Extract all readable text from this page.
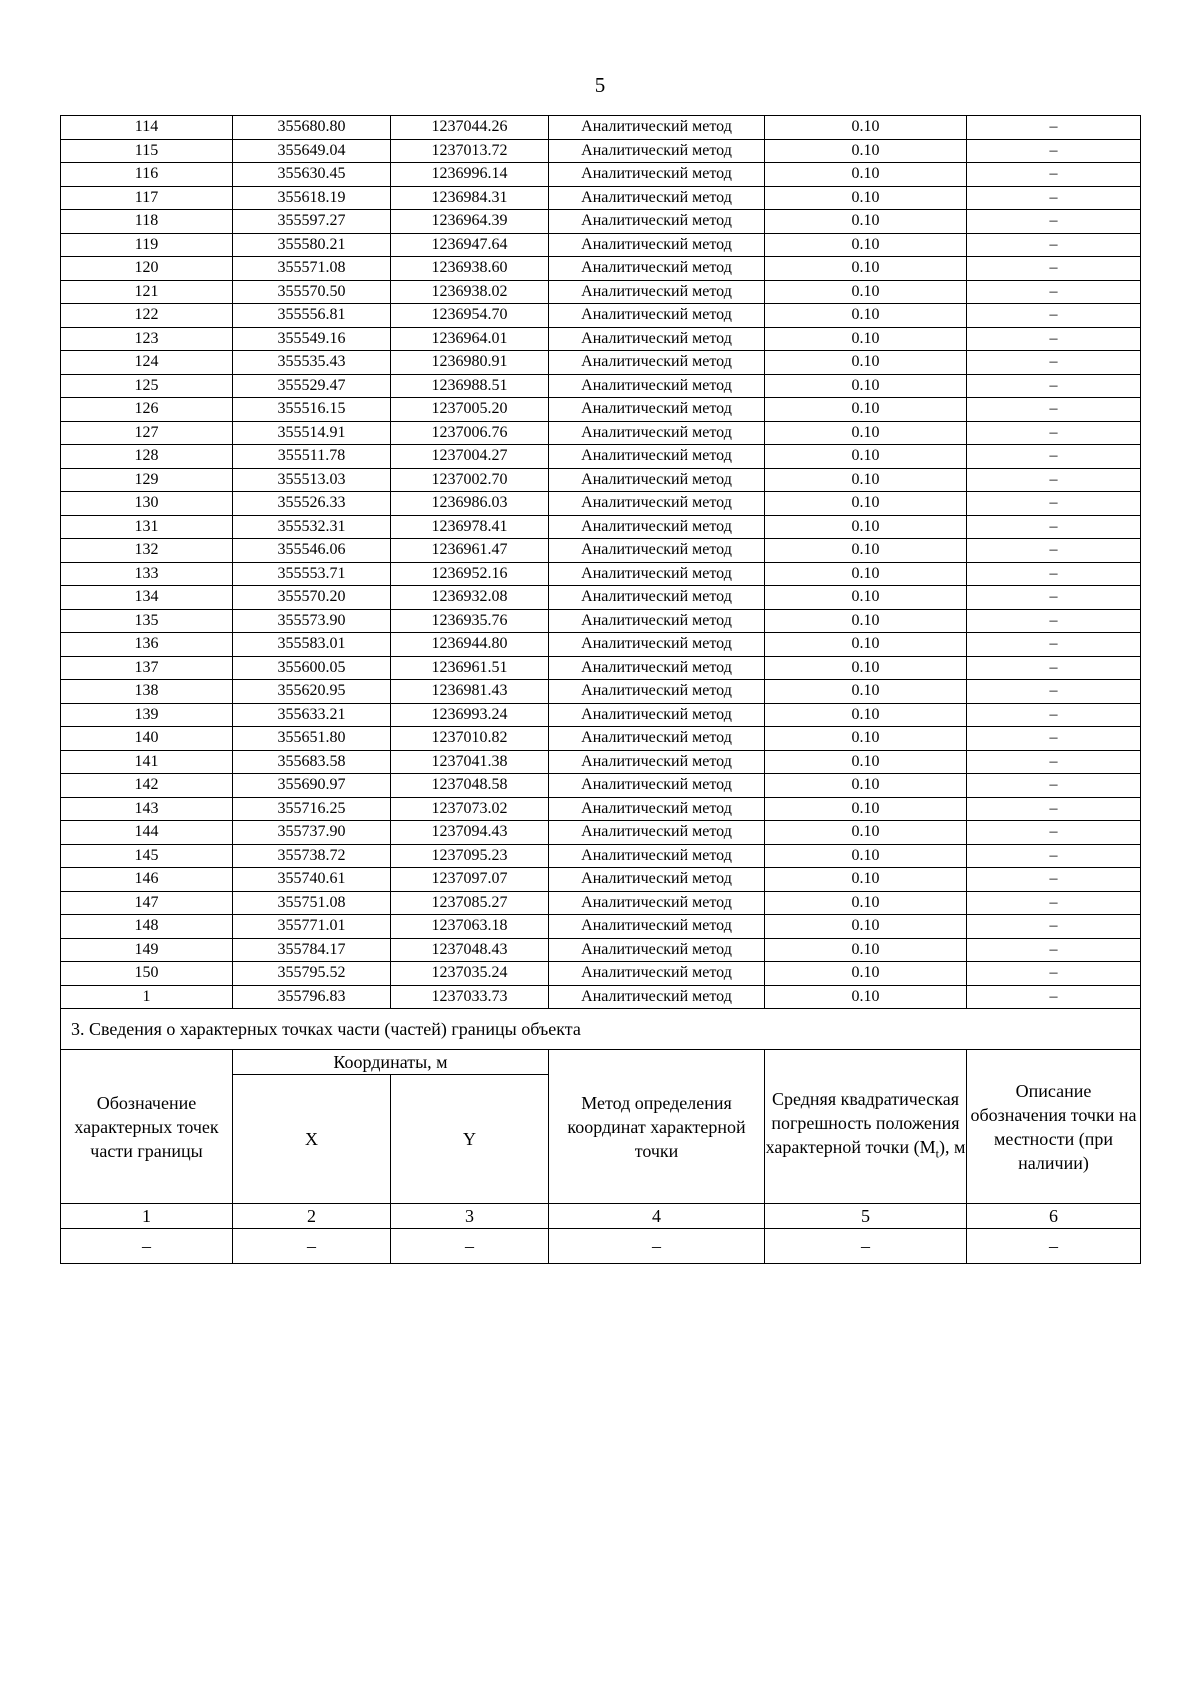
5
114	355680.80	1237044.26	Аналитический метод	0.10	–
115	355649.04	1237013.72	Аналитический метод	0.10	–
116	355630.45	1236996.14	Аналитический метод	0.10	–
117	355618.19	1236984.31	Аналитический метод	0.10	–
118	355597.27	1236964.39	Аналитический метод	0.10	–
119	355580.21	1236947.64	Аналитический метод	0.10	–
120	355571.08	1236938.60	Аналитический метод	0.10	–
121	355570.50	1236938.02	Аналитический метод	0.10	–
122	355556.81	1236954.70	Аналитический метод	0.10	–
123	355549.16	1236964.01	Аналитический метод	0.10	–
124	355535.43	1236980.91	Аналитический метод	0.10	–
125	355529.47	1236988.51	Аналитический метод	0.10	–
126	355516.15	1237005.20	Аналитический метод	0.10	–
127	355514.91	1237006.76	Аналитический метод	0.10	–
128	355511.78	1237004.27	Аналитический метод	0.10	–
129	355513.03	1237002.70	Аналитический метод	0.10	–
130	355526.33	1236986.03	Аналитический метод	0.10	–
131	355532.31	1236978.41	Аналитический метод	0.10	–
132	355546.06	1236961.47	Аналитический метод	0.10	–
133	355553.71	1236952.16	Аналитический метод	0.10	–
134	355570.20	1236932.08	Аналитический метод	0.10	–
135	355573.90	1236935.76	Аналитический метод	0.10	–
136	355583.01	1236944.80	Аналитический метод	0.10	–
137	355600.05	1236961.51	Аналитический метод	0.10	–
138	355620.95	1236981.43	Аналитический метод	0.10	–
139	355633.21	1236993.24	Аналитический метод	0.10	–
140	355651.80	1237010.82	Аналитический метод	0.10	–
141	355683.58	1237041.38	Аналитический метод	0.10	–
142	355690.97	1237048.58	Аналитический метод	0.10	–
143	355716.25	1237073.02	Аналитический метод	0.10	–
144	355737.90	1237094.43	Аналитический метод	0.10	–
145	355738.72	1237095.23	Аналитический метод	0.10	–
146	355740.61	1237097.07	Аналитический метод	0.10	–
147	355751.08	1237085.27	Аналитический метод	0.10	–
148	355771.01	1237063.18	Аналитический метод	0.10	–
149	355784.17	1237048.43	Аналитический метод	0.10	–
150	355795.52	1237035.24	Аналитический метод	0.10	–
1	355796.83	1237033.73	Аналитический метод	0.10	–
3. Сведения о характерных точках части (частей) границы объекта					
Обозначение характерных точек части границы	Координаты, м		Метод определения координат характерной точки	Средняя квадратическая погрешность положения характерной точки $(M_t)$, м	Описание обозначения точки на местности (при наличии)
	X	Y			
1	2	3	4	5	6
–	–	–	–	–	–
